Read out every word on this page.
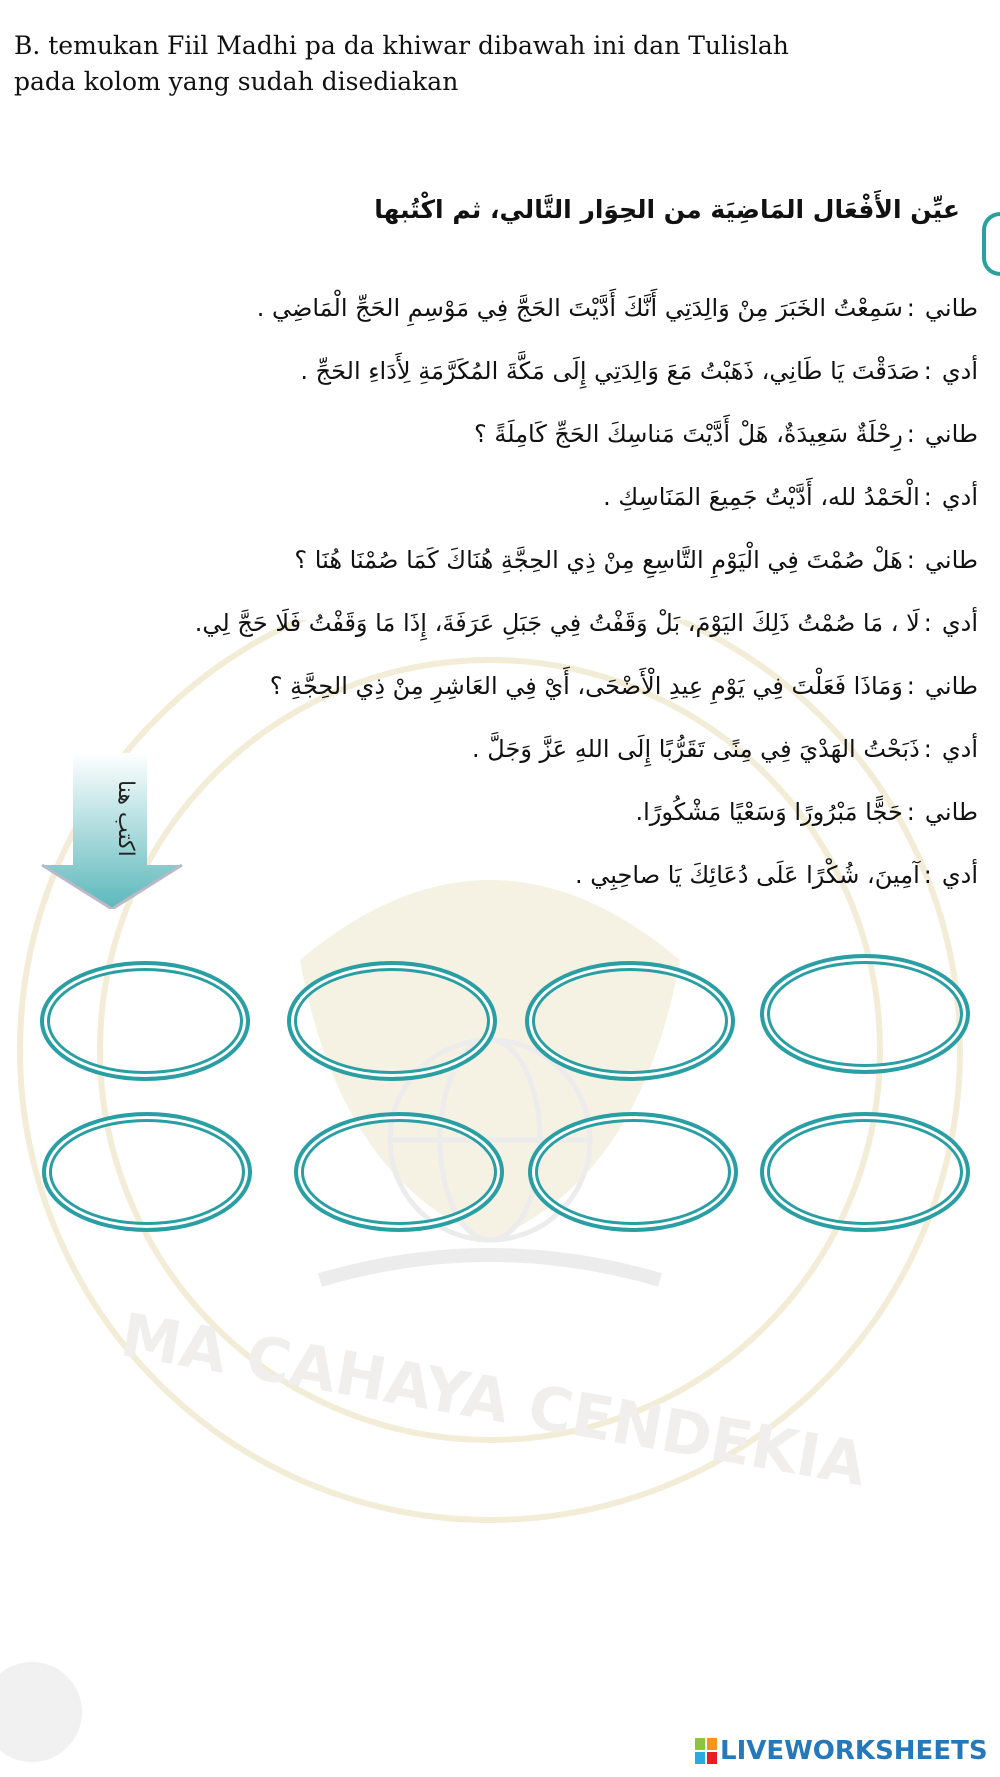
B. temukan Fiil Madhi pa da khiwar dibawah ini dan Tulislah
pada kolom yang sudah disediakan
MA CAHAYA CENDEKIA
عيِّن الأَفْعَال المَاضِيَة من الحِوَار التَّالي، ثم اكْتُبها
طاني:سَمِعْتُ الخَبَرَ مِنْ وَالِدَتِي أَنَّكَ أَدَّيْتَ الحَجَّ فِي مَوْسِمِ الحَجِّ الْمَاضِي .
أدي:صَدَقْتَ يَا طَانِي، ذَهَبْتُ مَعَ وَالِدَتِي إِلَى مَكَّةَ المُكَرَّمَةِ لِأَدَاءِ الحَجِّ .
طاني:رِحْلَةٌ سَعِيدَةٌ، هَلْ أَدَّيْتَ مَناسِكَ الحَجِّ كَامِلَةً ؟
أدي:الْحَمْدُ لله، أَدَّيْتُ جَمِيعَ المَنَاسِكِ .
طاني:هَلْ صُمْتَ فِي الْيَوْمِ التَّاسِعِ مِنْ ذِي الحِجَّةِ هُنَاكَ كَمَا صُمْنَا هُنَا ؟
أدي:لَا ، مَا صُمْتُ ذَلِكَ اليَوْمَ، بَلْ وَقَفْتُ فِي جَبَلِ عَرَفَةَ، إِذَا مَا وَقَفْتُ فَلَا حَجَّ لِي.
طاني:وَمَاذَا فَعَلْتَ فِي يَوْمِ عِيدِ الْأَضْحَى، أَيْ فِي العَاشِرِ مِنْ ذِي الحِجَّةِ ؟
أدي:ذَبَحْتُ الهَدْيَ فِي مِنًى تَقَرُّبًا إِلَى اللهِ عَزَّ وَجَلَّ .
طاني:حَجًّا مَبْرُورًا وَسَعْيًا مَشْكُورًا.
أدي:آمِينَ، شُكْرًا عَلَى دُعَائِكَ يَا صاحِبِي .
اكتب هنا
LIVEWORKSHEETS
